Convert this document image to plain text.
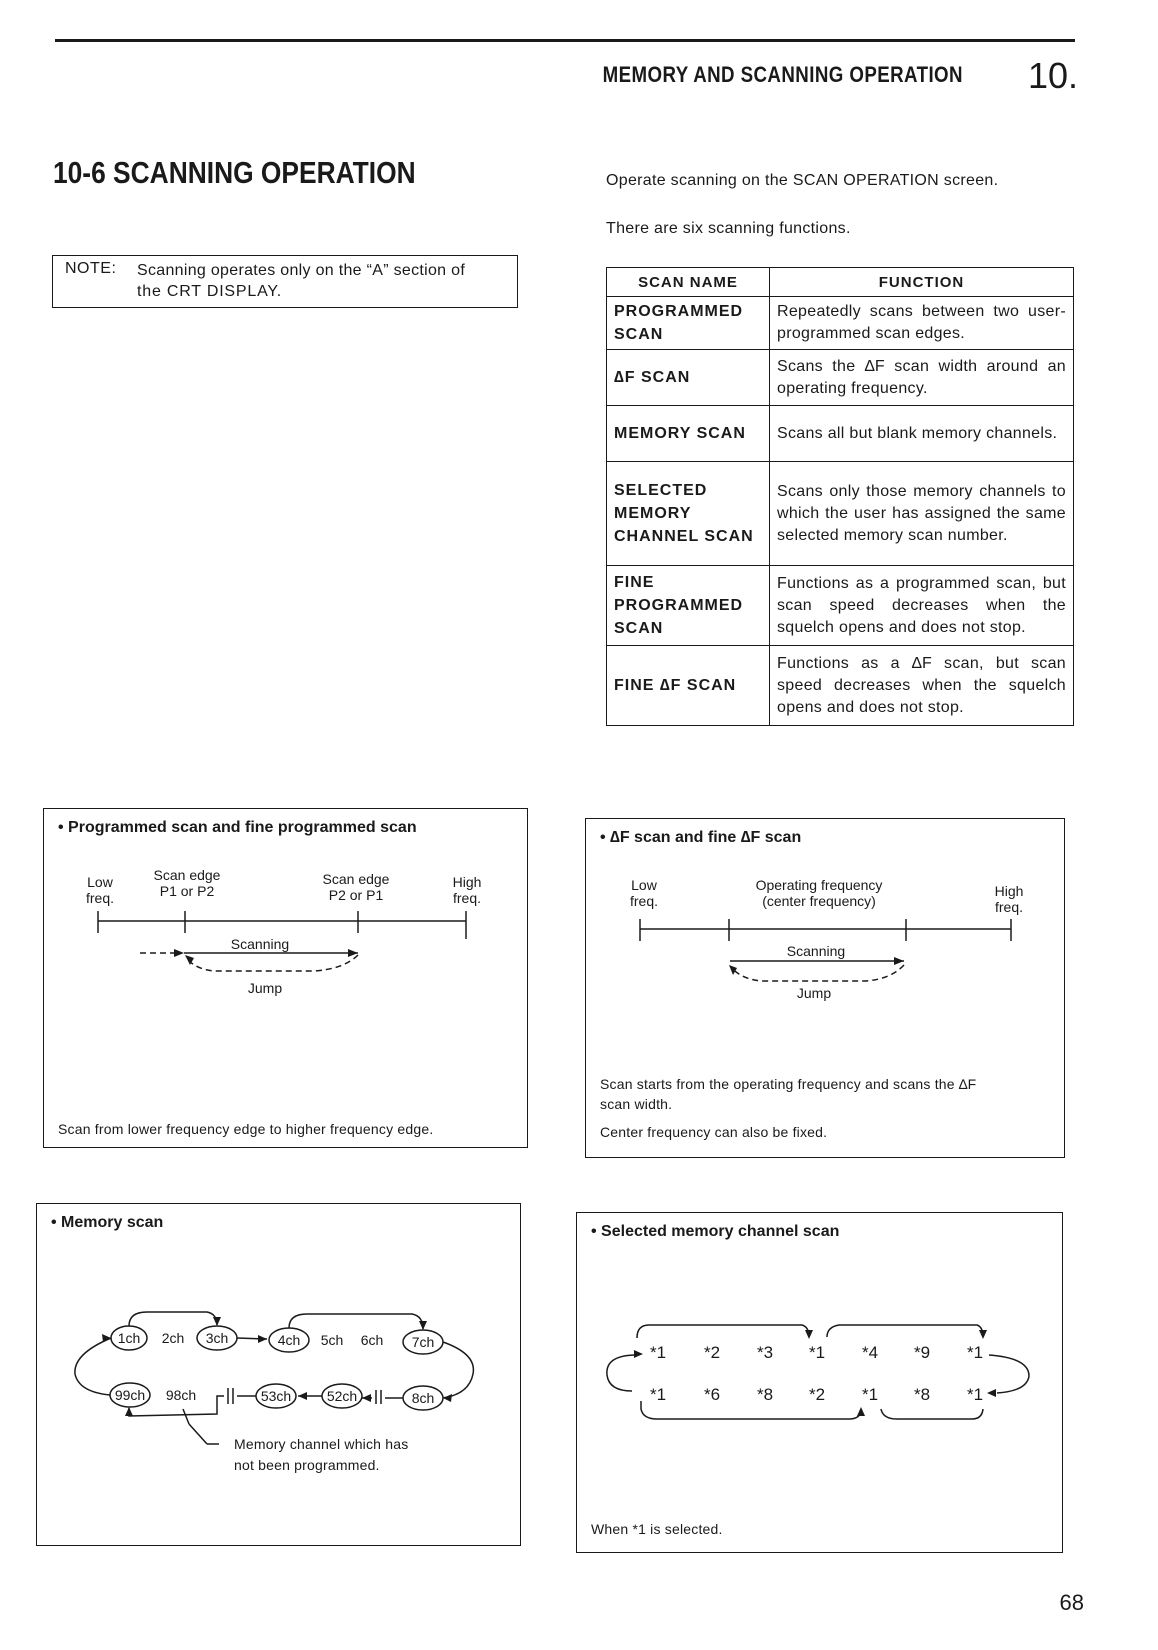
MEMORY AND SCANNING OPERATION 10.
10-6 SCANNING OPERATION	Operate scanning on the SCAN OPERATION screen.
There are six scanning functions.
NOTE: Scanning operates only on the “A” section of
the CRT DISPLAY.
SCAN NAME	FUNCTION
PROGRAMMED
SCAN	Repeatedly scans between two user-programmed scan edges.
∆F SCAN	Scans the ∆F scan width around an operating frequency.
MEMORY SCAN	Scans all but blank memory channels.
SELECTED
MEMORY
CHANNEL SCAN	Scans only those memory channels to which the user has assigned the same selected memory scan number.
FINE
PROGRAMMED
SCAN	Functions as a programmed scan, but scan speed decreases when the squelch opens and does not stop.
FINE ∆F SCAN	Functions as a ∆F scan, but scan speed decreases when the squelch opens and does not stop.
• Programmed scan and fine programmed scan
Low
freq.
Scan edge
P1 or P2
Scan edge
P2 or P1
High
freq.
Scanning
Jump
Scan from lower frequency edge to higher frequency edge.
• ∆F scan and fine ∆F scan
Low
freq.
Operating frequency
(center frequency)
High
freq.
Scanning
Jump
Scan starts from the operating frequency and scans the ∆F
scan width.
Center frequency can also be fixed.
• Memory scan
1ch 2ch 3ch	4ch 5ch 6ch 7ch
99ch 98ch	53ch	52ch	8ch
Memory channel which has
not been programmed.
• Selected memory channel scan
*1 *2 *3 *1 *4 *9 *1
*1 *6 *8 *2 *1 *8 *1
When *1 is selected.
68
